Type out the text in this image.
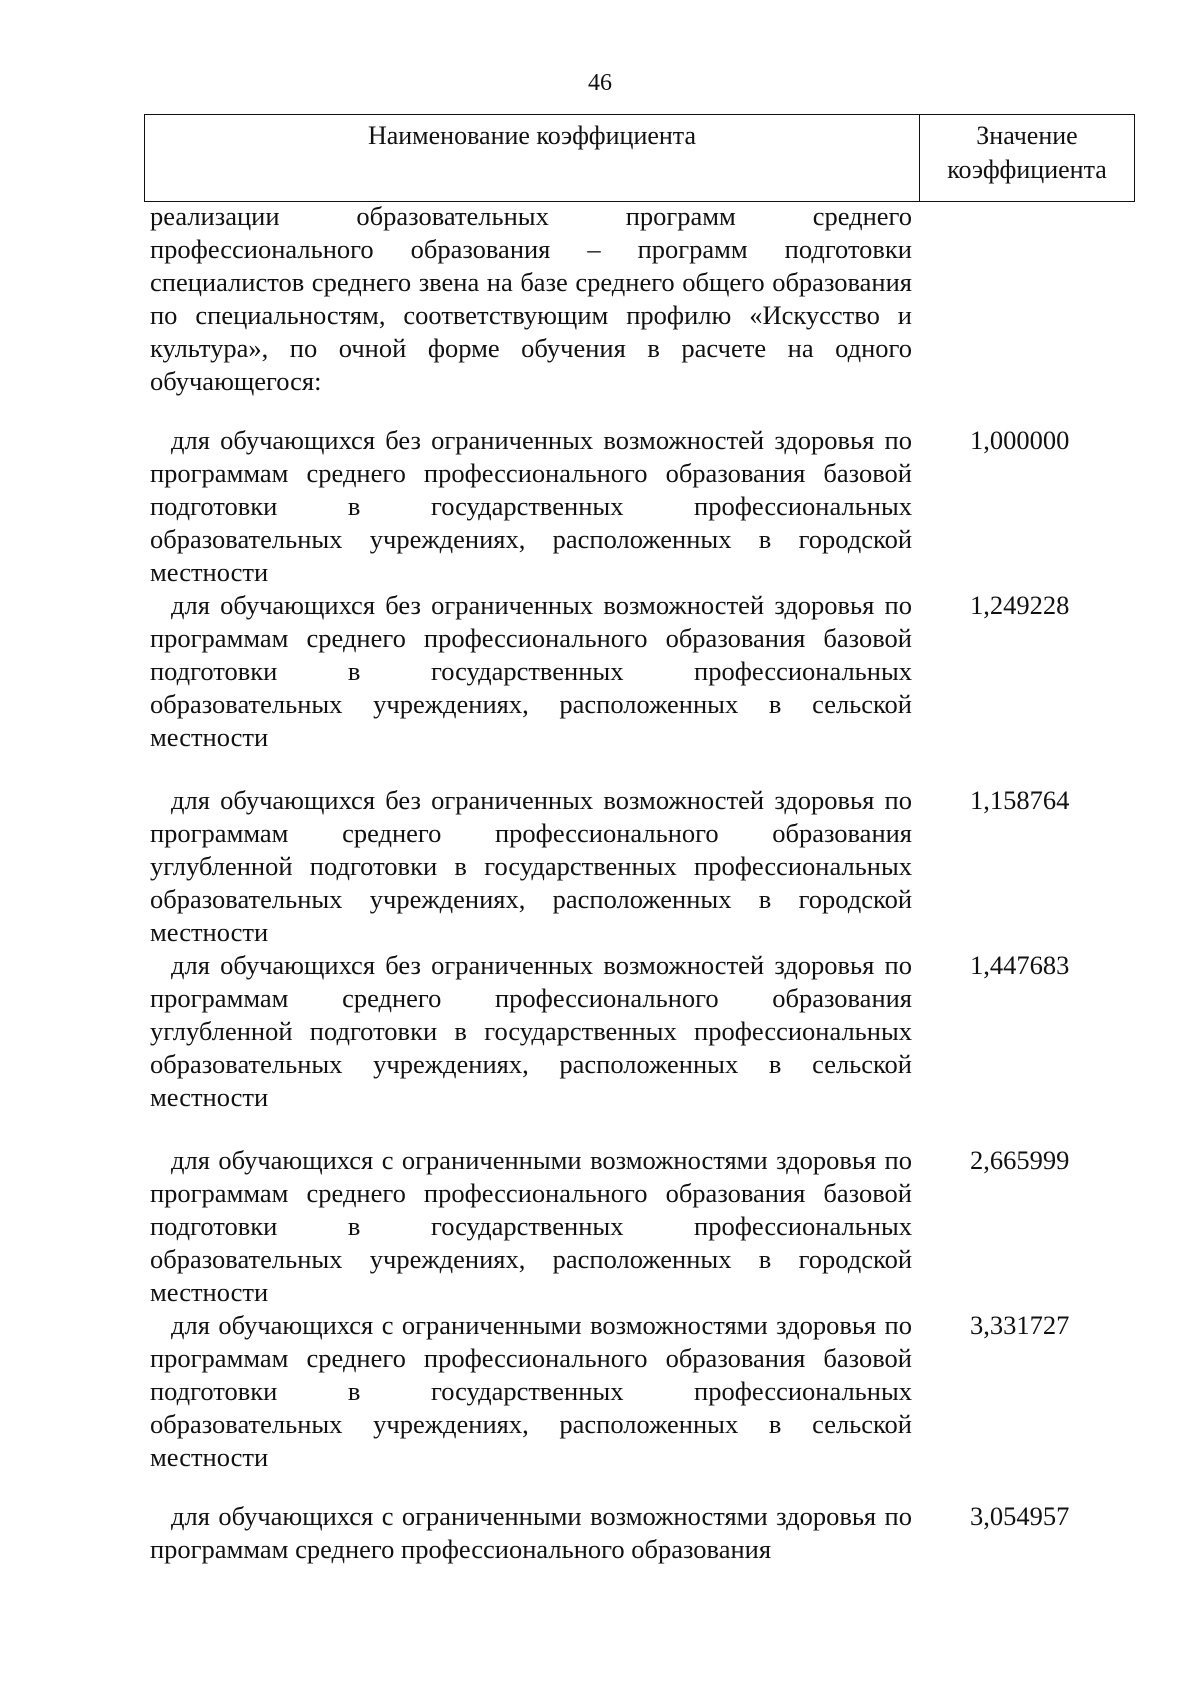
46
Наименование коэффициента	Значение коэффициента

реализации образовательных программ среднего профессионального образования – программ подготовки специалистов среднего звена на базе среднего общего образования по специальностям, соответствующим профилю «Искусство и культура», по очной форме обучения в расчете на одного обучающегося:

для обучающихся без ограниченных возможностей здоровья по программам среднего профессионального образования базовой подготовки в государственных профессиональных образовательных учреждениях, расположенных в городской местности

1,000000

для обучающихся без ограниченных возможностей здоровья по программам среднего профессионального образования базовой подготовки в государственных профессиональных образовательных учреждениях, расположенных в сельской местности

1,249228

для обучающихся без ограниченных возможностей здоровья по программам среднего профессионального образования углубленной подготовки в государственных профессиональных образовательных учреждениях, расположенных в городской местности

1,158764

для обучающихся без ограниченных возможностей здоровья по программам среднего профессионального образования углубленной подготовки в государственных профессиональных образовательных учреждениях, расположенных в сельской местности

1,447683

для обучающихся с ограниченными возможностями здоровья по программам среднего профессионального образования базовой подготовки в государственных профессиональных образовательных учреждениях, расположенных в городской местности

2,665999

для обучающихся с ограниченными возможностями здоровья по программам среднего профессионального образования базовой подготовки в государственных профессиональных образовательных учреждениях, расположенных в сельской местности

3,331727

для обучающихся с ограниченными возможностями здоровья по программам среднего профессионального образования

3,054957
